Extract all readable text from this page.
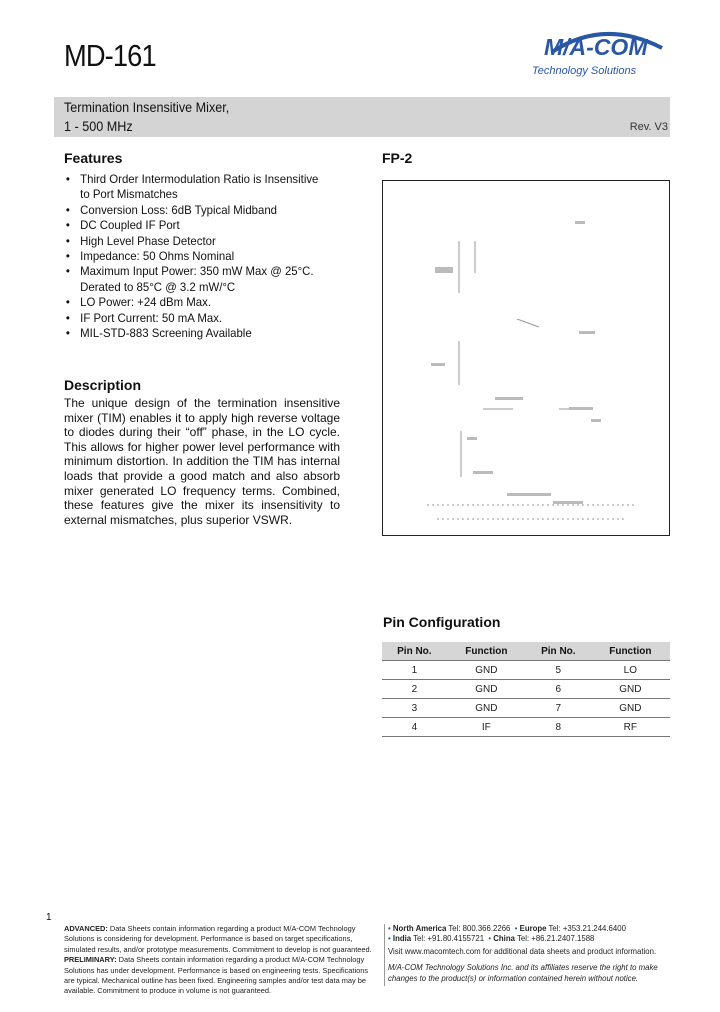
MD-161	M/A-COM
Technology Solutions
Termination Insensitive Mixer,
1 - 500 MHz	Rev. V3
Features
• Third Order Intermodulation Ratio is Insensitive
to Port Mismatches
• Conversion Loss: 6dB Typical Midband
• DC Coupled IF Port
• High Level Phase Detector
• Impedance: 50 Ohms Nominal
• Maximum Input Power: 350 mW Max @ 25°C.
Derated to 85°C @ 3.2 mW/°C
• LO Power: +24 dBm Max.
• IF Port Current: 50 mA Max.
• MIL-STD-883 Screening Available
Description
The unique design of the termination insensitive mixer (TIM) enables it to apply high reverse voltage to diodes during their “off” phase, in the LO cycle. This allows for higher power level performance with minimum distortion. In addition the TIM has internal loads that provide a good match and also absorb mixer generated LO frequency terms. Combined, these features give the mixer its insensitivity to external mismatches, plus superior VSWR.
FP-2
Pin Configuration
Pin No.	Function	Pin No.	Function
1	GND	5	LO
2	GND	6	GND
3	GND	7	GND
4	IF	8	RF
1
ADVANCED: Data Sheets contain information regarding a product M/A-COM Technology Solutions is considering for development. Performance is based on target specifications, simulated results, and/or prototype measurements. Commitment to develop is not guaranteed.
PRELIMINARY: Data Sheets contain information regarding a product M/A-COM Technology Solutions has under development. Performance is based on engineering tests. Specifications are typical. Mechanical outline has been fixed. Engineering samples and/or test data may be available. Commitment to produce in volume is not guaranteed.
• North America Tel: 800.366.2266 • Europe Tel: +353.21.244.6400
• India Tel: +91.80.4155721 • China Tel: +86.21.2407.1588
Visit www.macomtech.com for additional data sheets and product information.
M/A-COM Technology Solutions Inc. and its affiliates reserve the right to make changes to the product(s) or information contained herein without notice.
